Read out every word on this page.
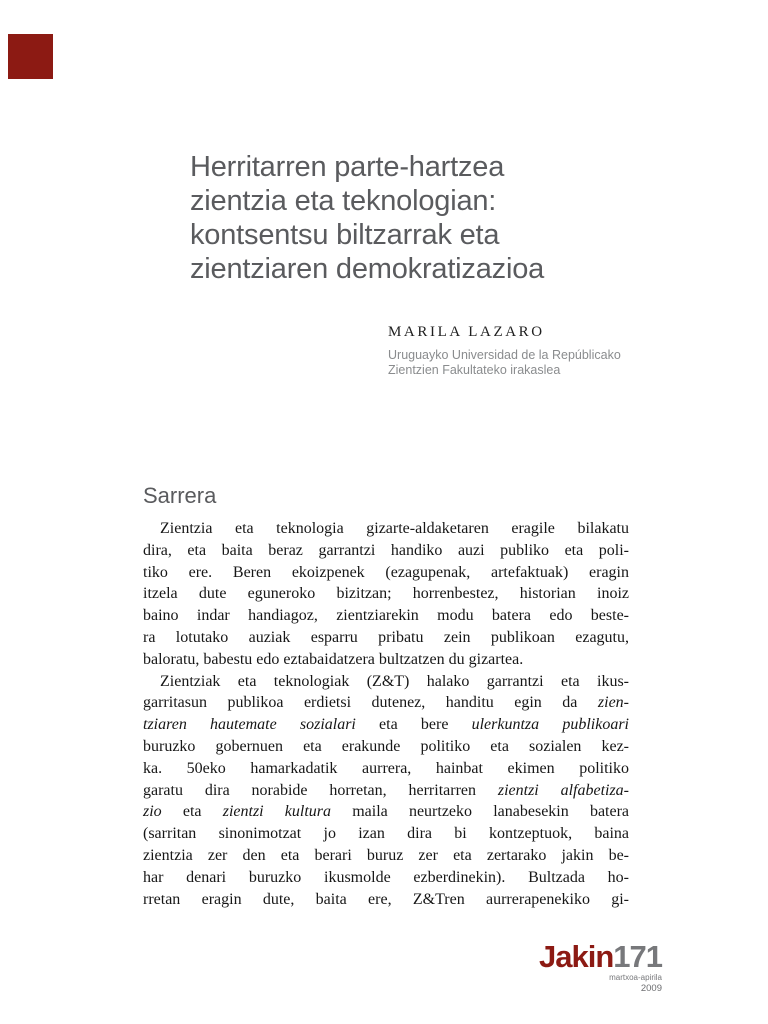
Herritarren parte-hartzea
zientzia eta teknologian:
kontsentsu biltzarrak eta
zientziaren demokratizazioa
MARILA LAZARO
Uruguayko Universidad de la Repúblicako
Zientzien Fakultateko irakaslea
Sarrera
Zientzia eta teknologia gizarte-aldaketaren eragile bilakatu
dira, eta baita beraz garrantzi handiko auzi publiko eta poli-
tiko ere. Beren ekoizpenek (ezagupenak, artefaktuak) eragin
itzela dute eguneroko bizitzan; horrenbestez, historian inoiz
baino indar handiagoz, zientziarekin modu batera edo beste-
ra lotutako auziak esparru pribatu zein publikoan ezagutu,
baloratu, babestu edo eztabaidatzera bultzatzen du gizartea.
Zientziak eta teknologiak (Z&T) halako garrantzi eta ikus-
garritasun publikoa erdietsi dutenez, handitu egin da zien-
tziaren hautemate sozialari eta bere ulerkuntza publikoari
buruzko gobernuen eta erakunde politiko eta sozialen kez-
ka. 50eko hamarkadatik aurrera, hainbat ekimen politiko
garatu dira norabide horretan, herritarren zientzi alfabetiza-
zio eta zientzi kultura maila neurtzeko lanabesekin batera
(sarritan sinonimotzat jo izan dira bi kontzeptuok, baina
zientzia zer den eta berari buruz zer eta zertarako jakin be-
har denari buruzko ikusmolde ezberdinekin). Bultzada ho-
rretan eragin dute, baita ere, Z&Tren aurrerapenekiko gi-
Jakin171
martxoa-apirila
2009
